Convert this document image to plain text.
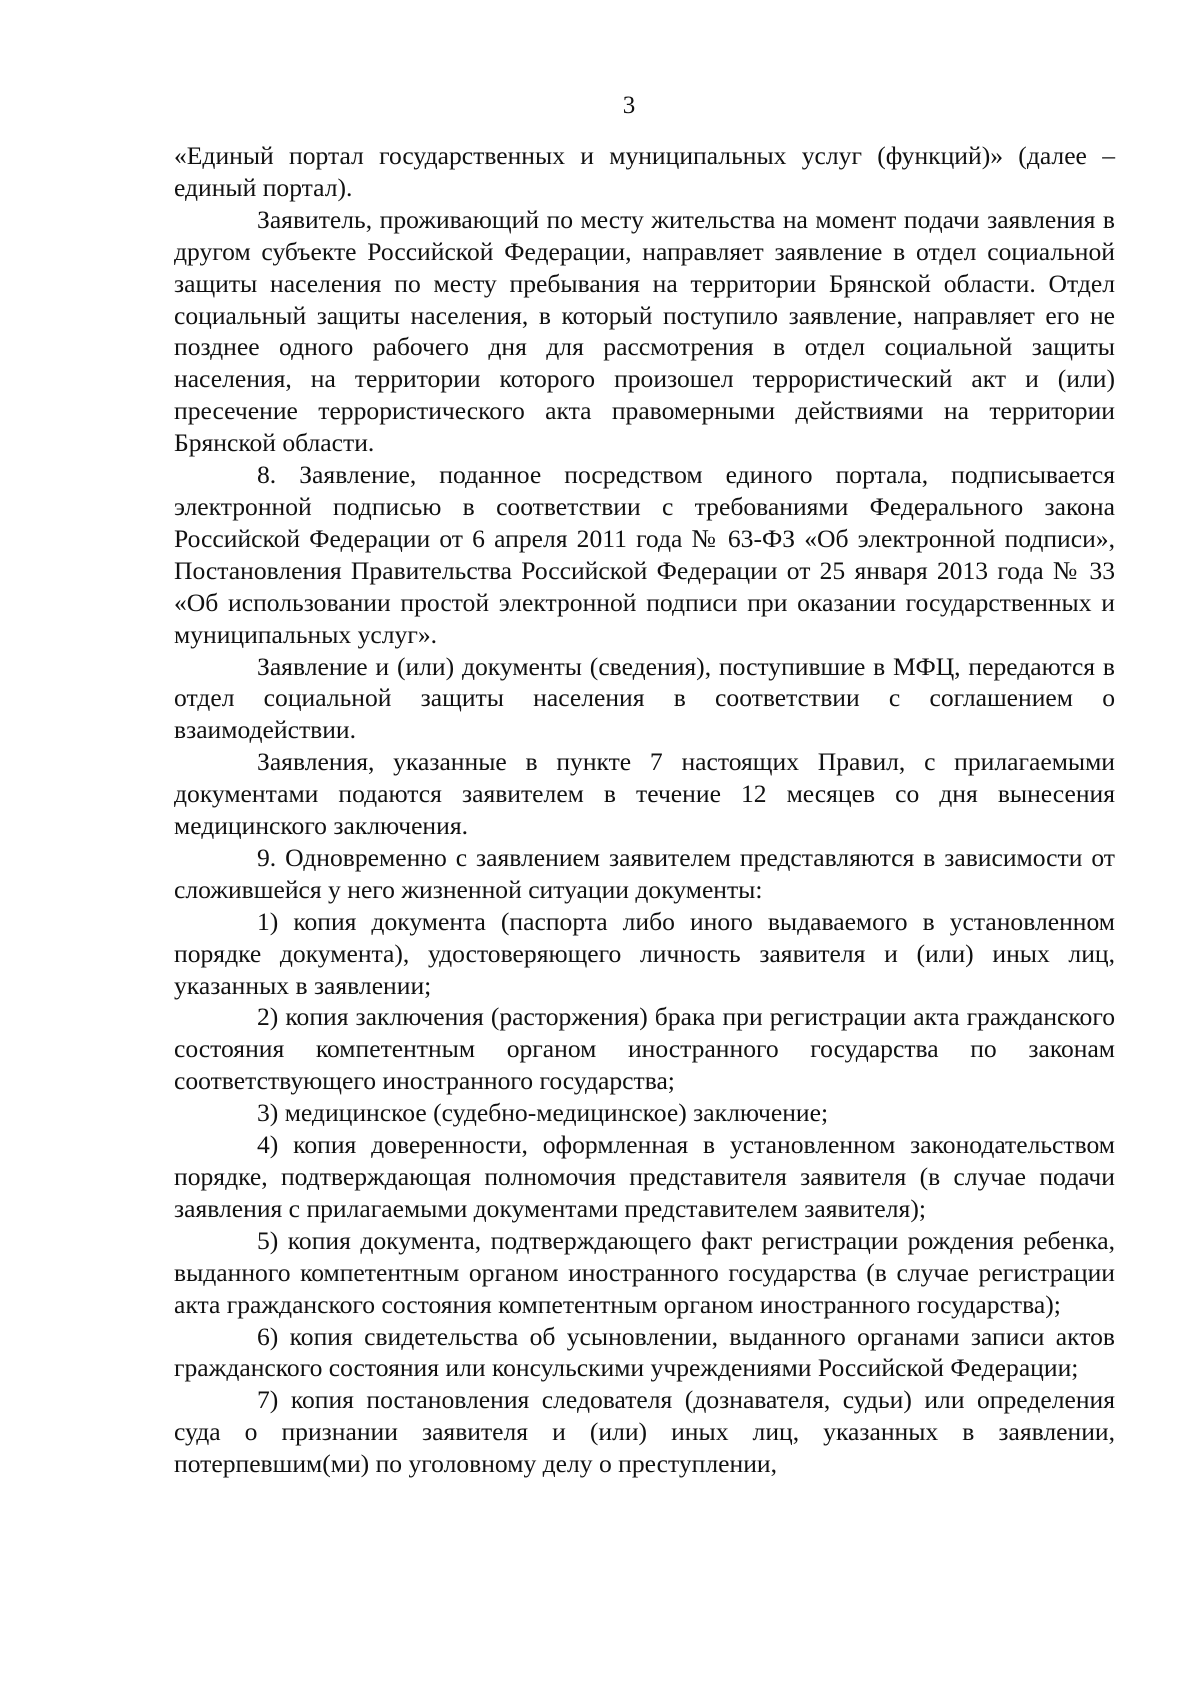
3

«Единый портал государственных и муниципальных услуг (функций)» (далее – единый портал).

Заявитель, проживающий по месту жительства на момент подачи заявления в другом субъекте Российской Федерации, направляет заявление в отдел социальной защиты населения по месту пребывания на территории Брянской области. Отдел социальный защиты населения, в который поступило заявление, направляет его не позднее одного рабочего дня для рассмотрения в отдел социальной защиты населения, на территории которого произошел террористический акт и (или) пресечение террористического акта правомерными действиями на территории Брянской области.

8. Заявление, поданное посредством единого портала, подписывается электронной подписью в соответствии с требованиями Федерального закона Российской Федерации от 6 апреля 2011 года № 63-ФЗ «Об электронной подписи», Постановления Правительства Российской Федерации от 25 января 2013 года № 33 «Об использовании простой электронной подписи при оказании государственных и муниципальных услуг».

Заявление и (или) документы (сведения), поступившие в МФЦ, передаются в отдел социальной защиты населения в соответствии с соглашением о взаимодействии.

Заявления, указанные в пункте 7 настоящих Правил, с прилагаемыми документами подаются заявителем в течение 12 месяцев со дня вынесения медицинского заключения.

9. Одновременно с заявлением заявителем представляются в зависимости от сложившейся у него жизненной ситуации документы:

1) копия документа (паспорта либо иного выдаваемого в установленном порядке документа), удостоверяющего личность заявителя и (или) иных лиц, указанных в заявлении;

2) копия заключения (расторжения) брака при регистрации акта гражданского состояния компетентным органом иностранного государства по законам соответствующего иностранного государства;

3) медицинское (судебно-медицинское) заключение;

4) копия доверенности, оформленная в установленном законодательством порядке, подтверждающая полномочия представителя заявителя (в случае подачи заявления с прилагаемыми документами представителем заявителя);

5) копия документа, подтверждающего факт регистрации рождения ребенка, выданного компетентным органом иностранного государства (в случае регистрации акта гражданского состояния компетентным органом иностранного государства);

6) копия свидетельства об усыновлении, выданного органами записи актов гражданского состояния или консульскими учреждениями Российской Федерации;

7) копия постановления следователя (дознавателя, судьи) или определения суда о признании заявителя и (или) иных лиц, указанных в заявлении, потерпевшим(ми) по уголовному делу о преступлении,
